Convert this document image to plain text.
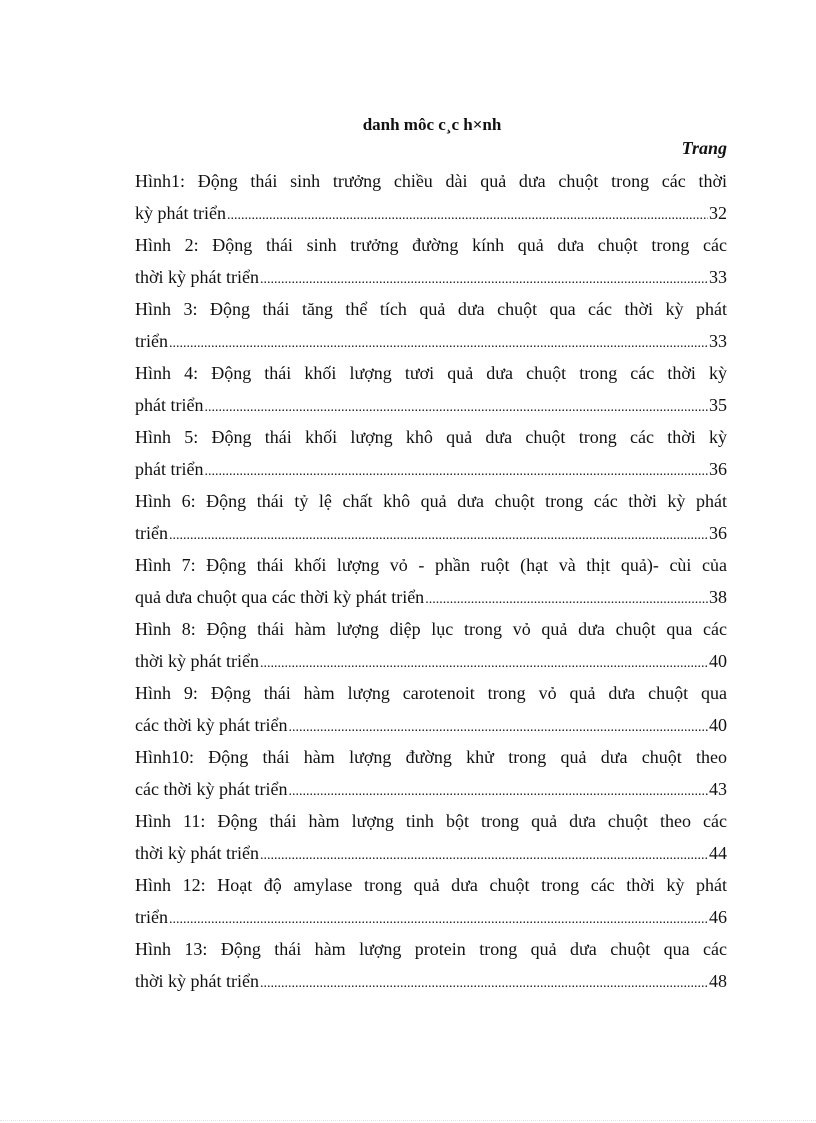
danh môc c¸c h×nh
Trang
Hình1: Động thái sinh trưởng chiều dài quả dưa chuột trong các thời
kỳ phát triển .....	32
Hình 2: Động thái sinh trưởng đường kính quả dưa chuột trong các
thời kỳ phát triển .....	33
Hình 3: Động thái tăng thể tích quả dưa chuột qua các thời kỳ phát
triển .....	33
Hình 4: Động thái khối lượng tươi quả dưa chuột trong các thời kỳ
phát triển .....	35
Hình 5: Động thái khối lượng khô quả dưa chuột trong các thời kỳ
phát triển .....	36
Hình 6: Động thái tỷ lệ chất khô quả dưa chuột trong các thời kỳ phát
triển .....	36
Hình 7: Động thái khối lượng vỏ - phần ruột (hạt và thịt quả)- cùi của
quả dưa chuột qua các thời kỳ phát triển .....	38
Hình 8: Động thái hàm lượng diệp lục trong vỏ quả dưa chuột qua các
thời kỳ phát triển .....	40
Hình 9: Động thái hàm lượng carotenoit trong vỏ quả dưa chuột qua
các thời kỳ phát triển .....	40
Hình10: Động thái hàm lượng đường khử trong quả dưa chuột theo
các thời kỳ phát triển .....	43
Hình 11: Động thái hàm lượng tinh bột trong quả dưa chuột theo các
thời kỳ phát triển .....	44
Hình 12: Hoạt độ amylase trong quả dưa chuột trong các thời kỳ phát
triển .....	46
Hình 13: Động thái hàm lượng protein trong quả dưa chuột qua các
thời kỳ phát triển .....	48
